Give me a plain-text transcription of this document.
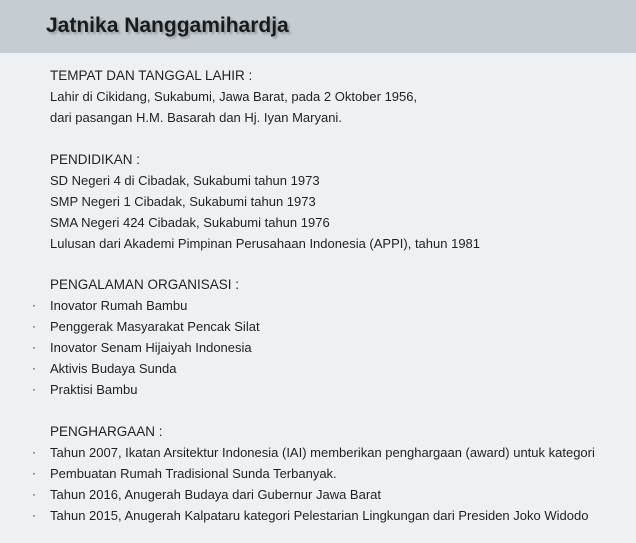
Jatnika Nanggamihardja
TEMPAT DAN TANGGAL LAHIR :
Lahir di Cikidang, Sukabumi, Jawa Barat, pada 2 Oktober 1956,
dari pasangan H.M. Basarah dan Hj. Iyan Maryani.
PENDIDIKAN :
SD Negeri 4 di Cibadak, Sukabumi tahun 1973
SMP Negeri 1 Cibadak, Sukabumi tahun 1973
SMA Negeri 424 Cibadak, Sukabumi tahun 1976
Lulusan dari Akademi Pimpinan Perusahaan Indonesia (APPI), tahun 1981
PENGALAMAN ORGANISASI :
· Inovator Rumah Bambu
· Penggerak Masyarakat Pencak Silat
· Inovator Senam Hijaiyah Indonesia
· Aktivis Budaya Sunda
· Praktisi Bambu
PENGHARGAAN :
· Tahun 2007, Ikatan Arsitektur Indonesia (IAI) memberikan penghargaan (award) untuk kategori
· Pembuatan Rumah Tradisional Sunda Terbanyak.
· Tahun 2016, Anugerah Budaya dari Gubernur Jawa Barat
· Tahun 2015, Anugerah Kalpataru kategori Pelestarian Lingkungan dari Presiden Joko Widodo
